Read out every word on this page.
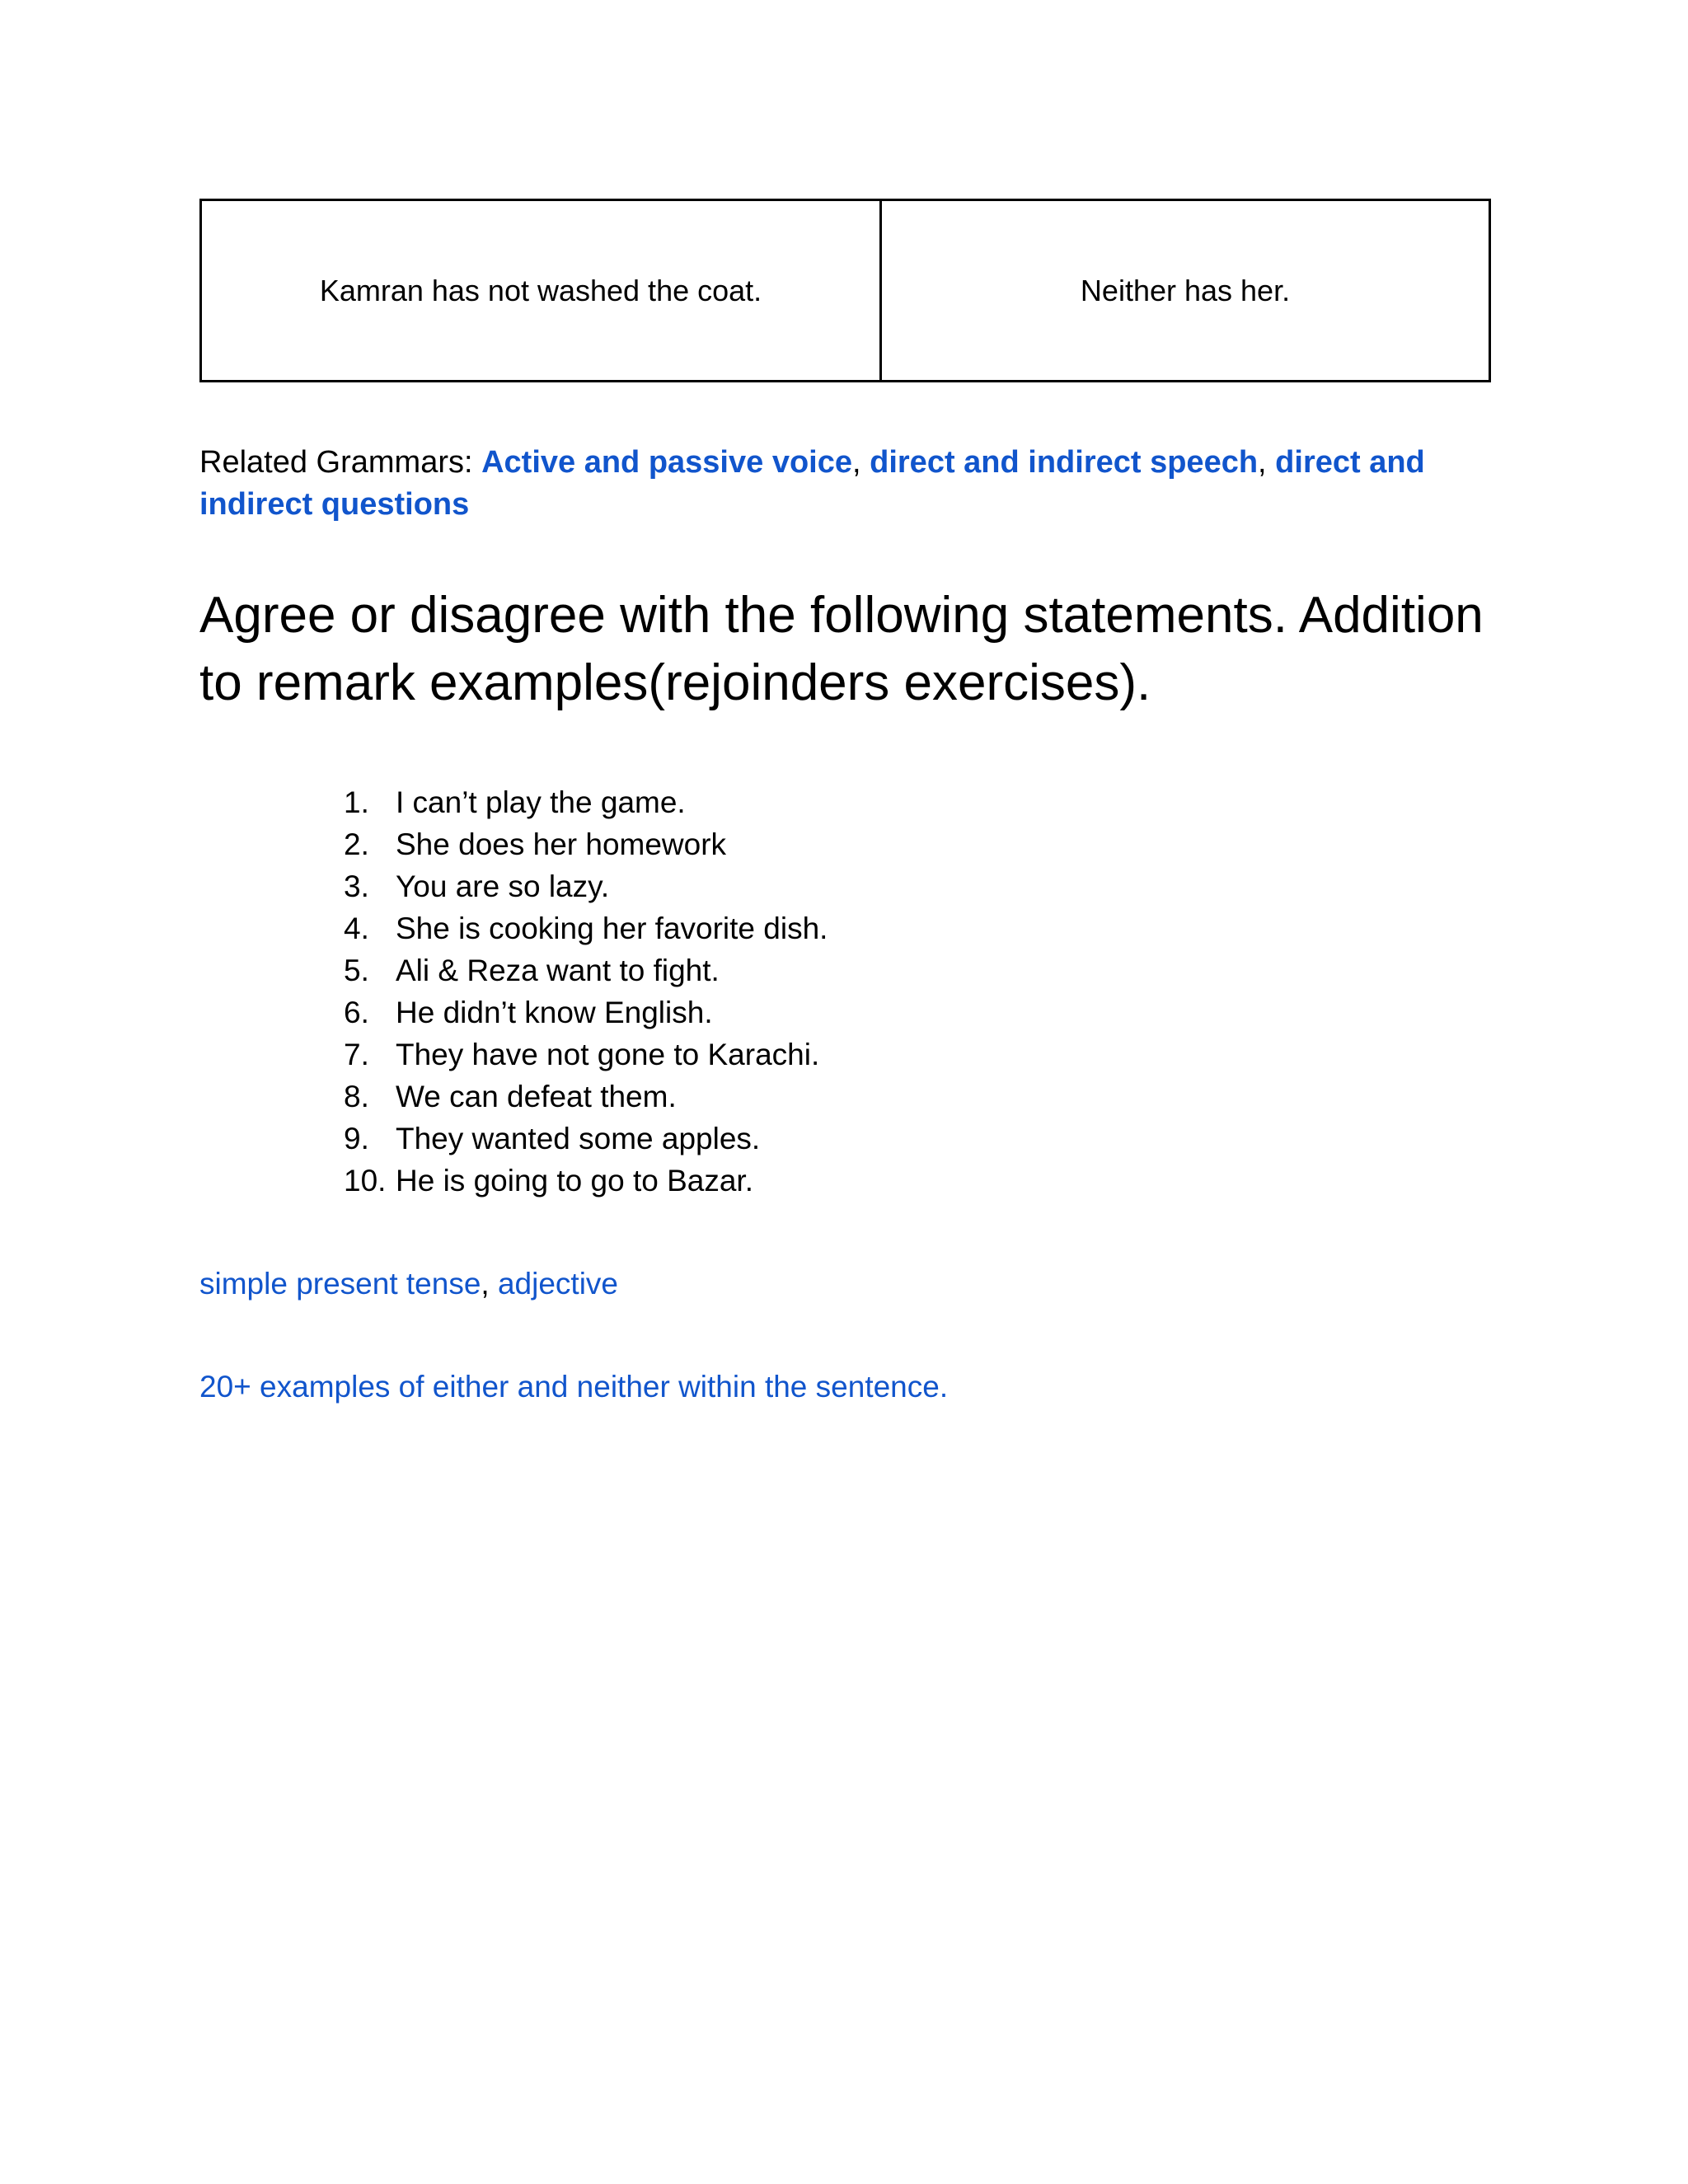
Kamran has not washed the coat.	Neither has her.
Related Grammars: Active and passive voice, direct and indirect speech, direct and indirect questions
Agree or disagree with the following statements. Addition to remark examples(rejoinders exercises).
1. I can’t play the game.
2. She does her homework
3. You are so lazy.
4. She is cooking her favorite dish.
5. Ali & Reza want to fight.
6. He didn’t know English.
7. They have not gone to Karachi.
8. We can defeat them.
9. They wanted some apples.
10. He is going to go to Bazar.
simple present tense, adjective
20+ examples of either and neither within the sentence.
